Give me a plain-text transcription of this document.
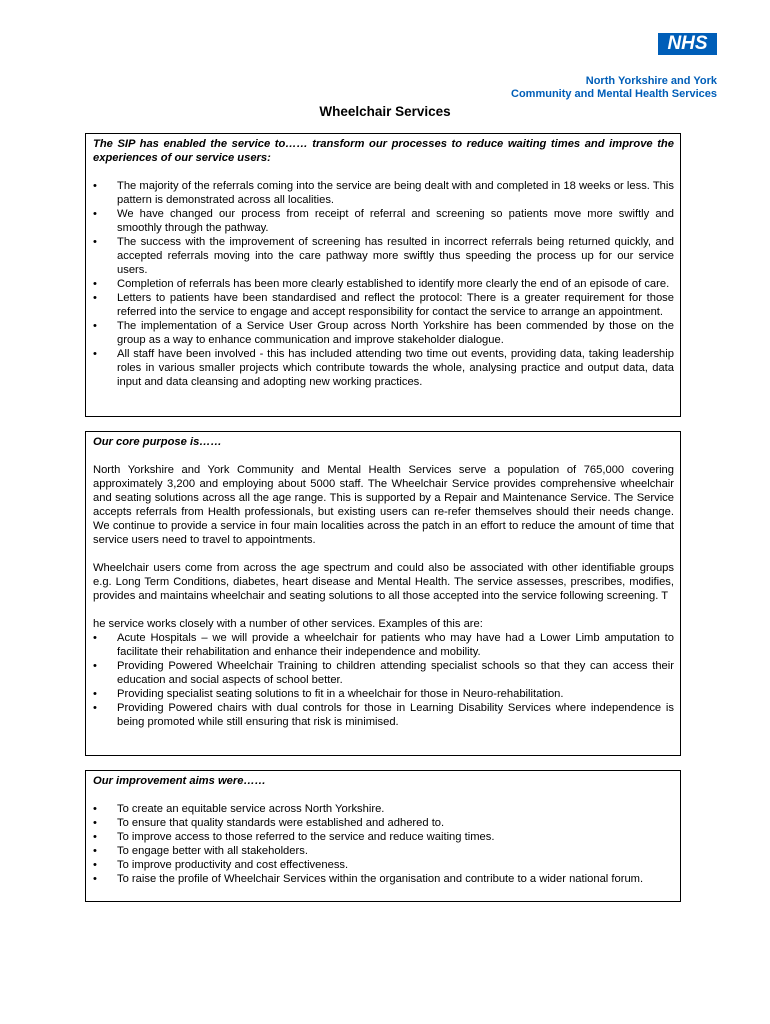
NHS
North Yorkshire and York
Community and Mental Health Services
Wheelchair Services

The SIP has enabled the service to…… transform our processes to reduce waiting times and improve the experiences of our service users:

• The majority of the referrals coming into the service are being dealt with and completed in 18 weeks or less. This pattern is demonstrated across all localities.
• We have changed our process from receipt of referral and screening so patients move more swiftly and smoothly through the pathway.
• The success with the improvement of screening has resulted in incorrect referrals being returned quickly, and accepted referrals moving into the care pathway more swiftly thus speeding the process up for our service users.
• Completion of referrals has been more clearly established to identify more clearly the end of an episode of care.
• Letters to patients have been standardised and reflect the protocol: There is a greater requirement for those referred into the service to engage and accept responsibility for contact the service to arrange an appointment.
• The implementation of a Service User Group across North Yorkshire has been commended by those on the group as a way to enhance communication and improve stakeholder dialogue.
• All staff have been involved - this has included attending two time out events, providing data, taking leadership roles in various smaller projects which contribute towards the whole, analysing practice and output data, data input and data cleansing and adopting new working practices.

Our core purpose is……

North Yorkshire and York Community and Mental Health Services serve a population of 765,000 covering approximately 3,200 and employing about 5000 staff. The Wheelchair Service provides comprehensive wheelchair and seating solutions across all the age range. This is supported by a Repair and Maintenance Service. The Service accepts referrals from Health professionals, but existing users can re-refer themselves should their needs change. We continue to provide a service in four main localities across the patch in an effort to reduce the amount of time that service users need to travel to appointments.

Wheelchair users come from across the age spectrum and could also be associated with other identifiable groups e.g. Long Term Conditions, diabetes, heart disease and Mental Health. The service assesses, prescribes, modifies, provides and maintains wheelchair and seating solutions to all those accepted into the service following screening. T

he service works closely with a number of other services. Examples of this are:

• Acute Hospitals – we will provide a wheelchair for patients who may have had a Lower Limb amputation to facilitate their rehabilitation and enhance their independence and mobility.
• Providing Powered Wheelchair Training to children attending specialist schools so that they can access their education and social aspects of school better.
• Providing specialist seating solutions to fit in a wheelchair for those in Neuro-rehabilitation.
• Providing Powered chairs with dual controls for those in Learning Disability Services where independence is being promoted while still ensuring that risk is minimised.

Our improvement aims were……

• To create an equitable service across North Yorkshire.
• To ensure that quality standards were established and adhered to.
• To improve access to those referred to the service and reduce waiting times.
• To engage better with all stakeholders.
• To improve productivity and cost effectiveness.
• To raise the profile of Wheelchair Services within the organisation and contribute to a wider national forum.
